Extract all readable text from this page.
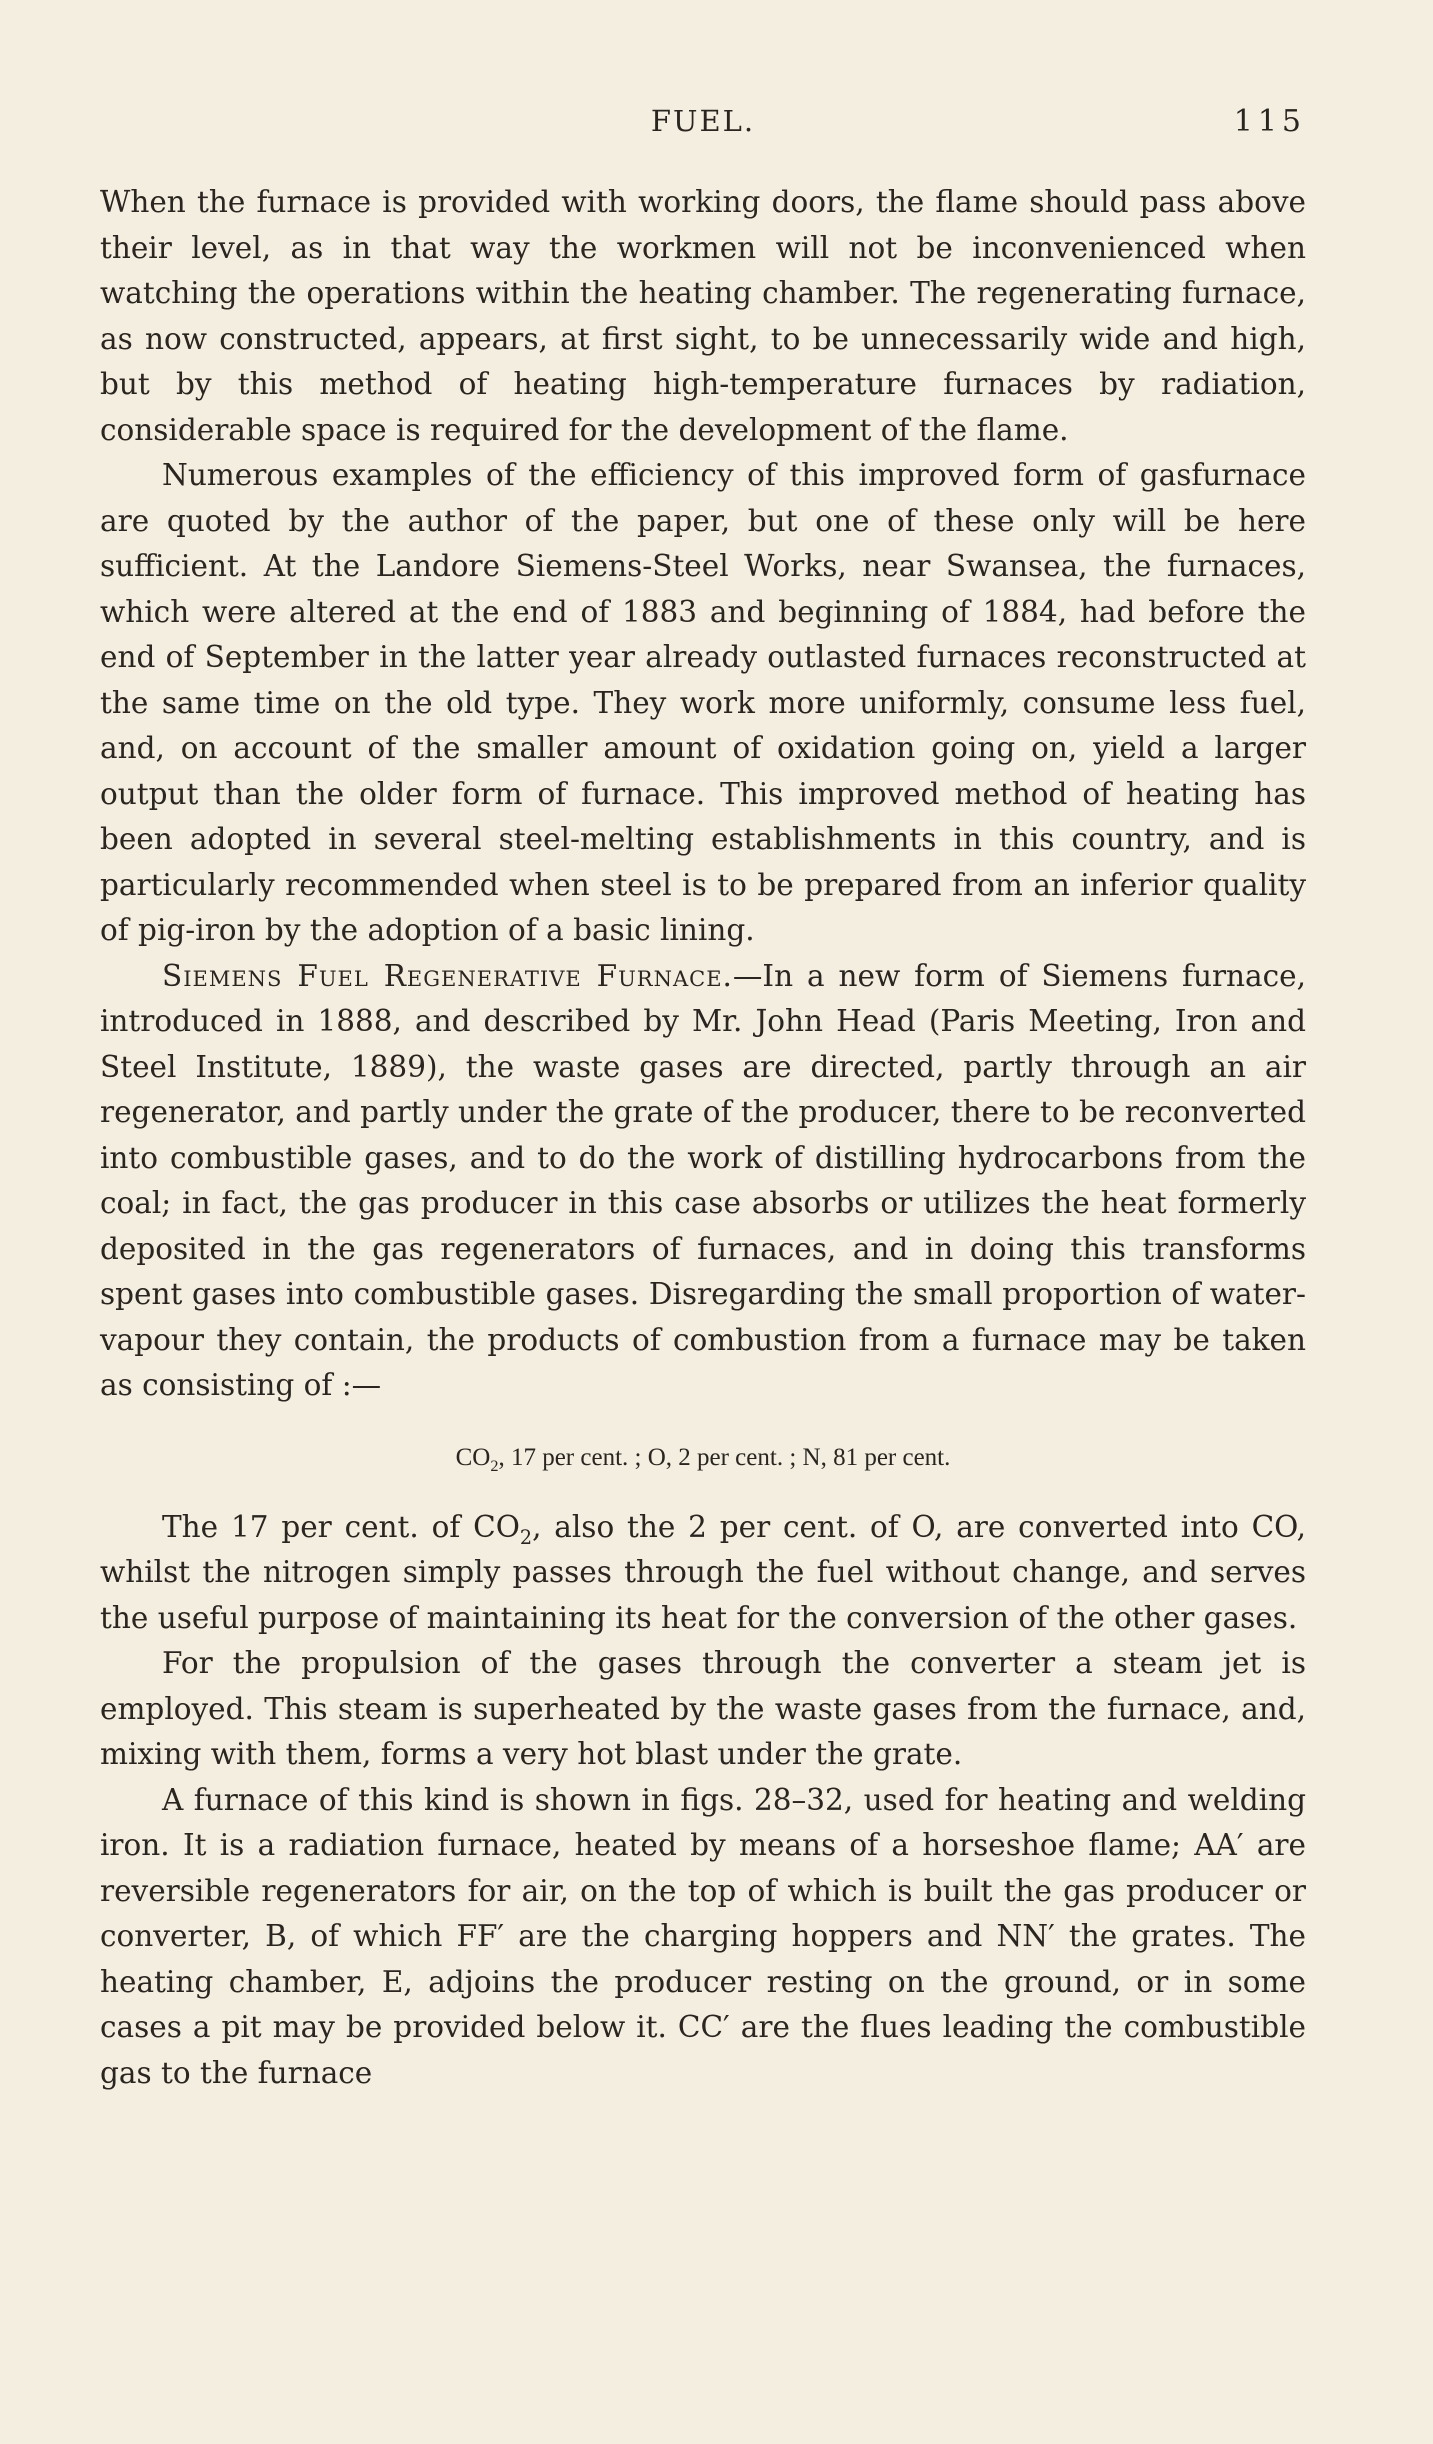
FUEL.	115

When the furnace is provided with working doors, the flame should pass above their level, as in that way the workmen will not be inconvenienced when watching the operations within the heating chamber. The regenerating furnace, as now constructed, appears, at first sight, to be unnecessarily wide and high, but by this method of heating high-temperature furnaces by radiation, considerable space is required for the development of the flame.

Numerous examples of the efficiency of this improved form of gasfurnace are quoted by the author of the paper, but one of these only will be here sufficient. At the Landore Siemens-Steel Works, near Swansea, the furnaces, which were altered at the end of 1883 and beginning of 1884, had before the end of September in the latter year already outlasted furnaces reconstructed at the same time on the old type. They work more uniformly, consume less fuel, and, on account of the smaller amount of oxidation going on, yield a larger output than the older form of furnace. This improved method of heating has been adopted in several steel-melting establishments in this country, and is particularly recommended when steel is to be prepared from an inferior quality of pig-iron by the adoption of a basic lining.

Siemens Fuel Regenerative Furnace.—In a new form of Siemens furnace, introduced in 1888, and described by Mr. John Head (Paris Meeting, Iron and Steel Institute, 1889), the waste gases are directed, partly through an air regenerator, and partly under the grate of the producer, there to be reconverted into combustible gases, and to do the work of distilling hydrocarbons from the coal; in fact, the gas producer in this case absorbs or utilizes the heat formerly deposited in the gas regenerators of furnaces, and in doing this transforms spent gases into combustible gases. Disregarding the small proportion of water-vapour they contain, the products of combustion from a furnace may be taken as consisting of :—

$CO_2$, 17 per cent. ; O, 2 per cent. ; N, 81 per cent.

The 17 per cent. of $CO_2$, also the 2 per cent. of O, are converted into CO, whilst the nitrogen simply passes through the fuel without change, and serves the useful purpose of maintaining its heat for the conversion of the other gases.

For the propulsion of the gases through the converter a steam jet is employed. This steam is superheated by the waste gases from the furnace, and, mixing with them, forms a very hot blast under the grate.

A furnace of this kind is shown in figs. 28–32, used for heating and welding iron. It is a radiation furnace, heated by means of a horseshoe flame; AA′ are reversible regenerators for air, on the top of which is built the gas producer or converter, B, of which FF′ are the charging hoppers and NN′ the grates. The heating chamber, E, adjoins the producer resting on the ground, or in some cases a pit may be provided below it. CC′ are the flues leading the combustible gas to the furnace
